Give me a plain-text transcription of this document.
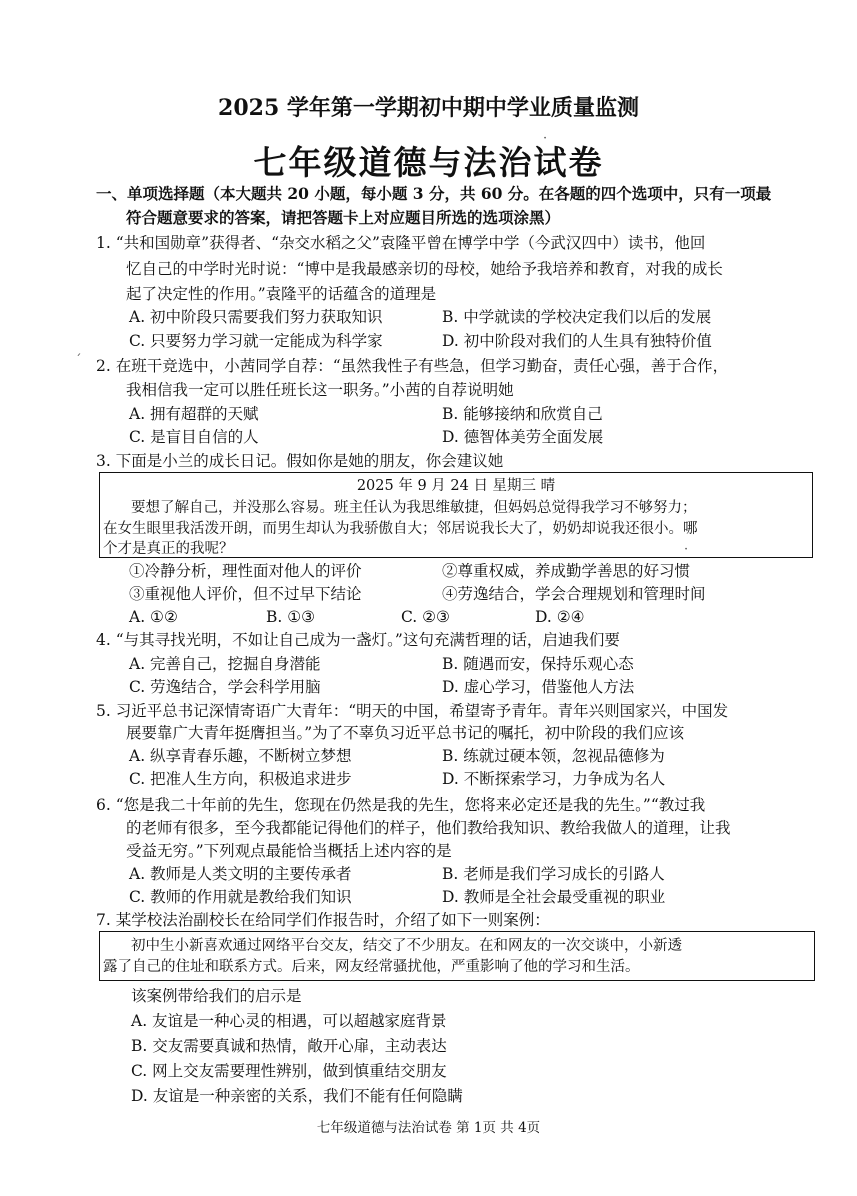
2025 学年第一学期初中期中学业质量监测
七年级道德与法治试卷
一、单项选择题（本大题共 20 小题，每小题 3 分，共 60 分。在各题的四个选项中，只有一项最
符合题意要求的答案，请把答题卡上对应题目所选的选项涂黑）
1. “共和国勋章”获得者、“杂交水稻之父”袁隆平曾在博学中学（今武汉四中）读书，他回
忆自己的中学时光时说：“博中是我最感亲切的母校，她给予我培养和教育，对我的成长
起了决定性的作用。”袁隆平的话蕴含的道理是
A. 初中阶段只需要我们努力获取知识	B. 中学就读的学校决定我们以后的发展
C. 只要努力学习就一定能成为科学家	D. 初中阶段对我们的人生具有独特价值
2. 在班干竞选中，小茜同学自荐：“虽然我性子有些急，但学习勤奋，责任心强，善于合作，
我相信我一定可以胜任班长这一职务。”小茜的自荐说明她
A. 拥有超群的天赋	B. 能够接纳和欣赏自己
C. 是盲目自信的人	D. 德智体美劳全面发展
3. 下面是小兰的成长日记。假如你是她的朋友，你会建议她
2025 年 9 月 24 日 星期三 晴
要想了解自己，并没那么容易。班主任认为我思维敏捷，但妈妈总觉得我学习不够努力；
在女生眼里我活泼开朗，而男生却认为我骄傲自大；邻居说我长大了，奶奶却说我还很小。哪
个才是真正的我呢？
①冷静分析，理性面对他人的评价	②尊重权威，养成勤学善思的好习惯
③重视他人评价，但不过早下结论	④劳逸结合，学会合理规划和管理时间
A. ①②	B. ①③	C. ②③	D. ②④
4. “与其寻找光明，不如让自己成为一盏灯。”这句充满哲理的话，启迪我们要
A. 完善自己，挖掘自身潜能	B. 随遇而安，保持乐观心态
C. 劳逸结合，学会科学用脑	D. 虚心学习，借鉴他人方法
5. 习近平总书记深情寄语广大青年：“明天的中国，希望寄予青年。青年兴则国家兴，中国发
展要靠广大青年挺膺担当。”为了不辜负习近平总书记的嘱托，初中阶段的我们应该
A. 纵享青春乐趣，不断树立梦想	B. 练就过硬本领，忽视品德修为
C. 把准人生方向，积极追求进步	D. 不断探索学习，力争成为名人
6. “您是我二十年前的先生，您现在仍然是我的先生，您将来必定还是我的先生。”“教过我
的老师有很多，至今我都能记得他们的样子，他们教给我知识、教给我做人的道理，让我
受益无穷。”下列观点最能恰当概括上述内容的是
A. 教师是人类文明的主要传承者	B. 老师是我们学习成长的引路人
C. 教师的作用就是教给我们知识	D. 教师是全社会最受重视的职业
7. 某学校法治副校长在给同学们作报告时，介绍了如下一则案例：
初中生小新喜欢通过网络平台交友，结交了不少朋友。在和网友的一次交谈中，小新透
露了自己的住址和联系方式。后来，网友经常骚扰他，严重影响了他的学习和生活。
该案例带给我们的启示是
A. 友谊是一种心灵的相遇，可以超越家庭背景
B. 交友需要真诚和热情，敞开心扉，主动表达
C. 网上交友需要理性辨别，做到慎重结交朋友
D. 友谊是一种亲密的关系，我们不能有任何隐瞒
七年级道德与法治试卷 第 1页 共 4页
·
ˊ
·
